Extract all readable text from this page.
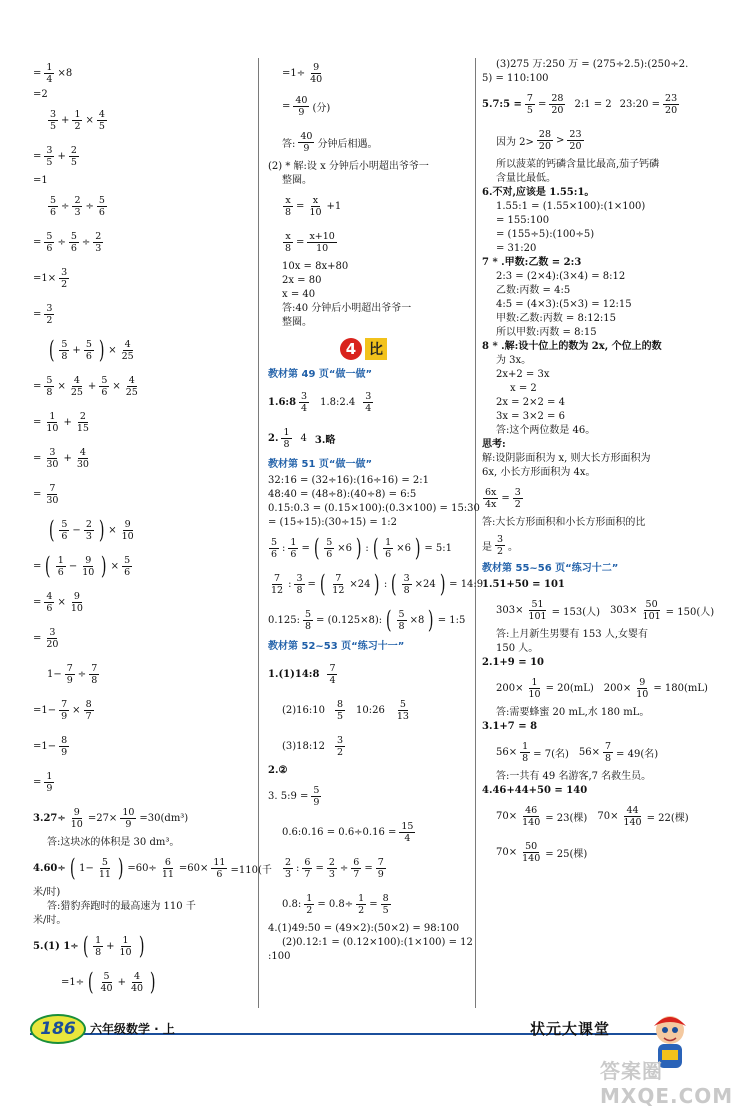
= $\frac{1}{4} \times 8$
=2
$\frac{3}{5} + \frac{1}{2} \times \frac{4}{5}$
= $\frac{3}{5} + \frac{2}{5}$
=1
$\frac{5}{6} \div \frac{2}{3} \div \frac{5}{6}$
= $\frac{5}{6} \div \frac{5}{6} \div \frac{2}{3}$
$=1\times \frac{3}{2}$
= $\frac{3}{2}$
( $\frac{5}{8} + \frac{5}{6}$ ) × $\frac{4}{25}$
= $\frac{5}{8} \times \frac{4}{25} + \frac{5}{6} \times \frac{4}{25}$
= $\frac{1}{10} + \frac{2}{15}$
= $\frac{3}{30} + \frac{4}{30}$
= $\frac{7}{30}$
( $\frac{5}{6} - \frac{2}{3}$ ) × $\frac{9}{10}$
= ( $\frac{1}{6} - \frac{9}{10}$ ) × $\frac{5}{6}$
= $\frac{4}{6} \times \frac{9}{10}$
= $\frac{3}{20}$
$1- \frac{7}{9} \div \frac{7}{8}$
$=1- \frac{7}{9} \times \frac{8}{7}$
$=1- \frac{8}{9}$
= $\frac{1}{9}$
$3.27\div \frac{9}{10} =27\times \frac{10}{9} =30(dm^3)$
答:这块冰的体积是 30 dm³。
4.60÷ ( $1- \frac{5}{11}$ ) $=60\div \frac{6}{11} =60\times \frac{11}{6} =110$(千
米/时)
答:猎豹奔跑时的最高速为 110 千
米/时。
5.(1) 1÷ ( $\frac{1}{8} + \frac{1}{10}$ )
=1÷ ( $\frac{5}{40} + \frac{4}{40}$ )
$=1\div \frac{9}{40}$
= $\frac{40}{9}$ (分)
答: $\frac{40}{9}$ 分钟后相遇。
(2) * 解:设 x 分钟后小明超出爷爷一
整圈。
$\frac{x}{8} = \frac{x}{10} +1$
$\frac{x}{8} = \frac{x+10}{10}$
10x = 8x+80
2x = 80
x = 40
答:40 分钟后小明超出爷爷一
整圈。
4 比
教材第 49 页“做一做”
1.6:8 $\frac{3}{4}$ 1.8:2.4 $\frac{3}{4}$
2. $\frac{1}{8} 4$ 3.略
教材第 51 页“做一做”
32:16 = (32÷16):(16÷16) = 2:1
48:40 = (48÷8):(40÷8) = 6:5
0.15:0.3 = (0.15×100):(0.3×100) = 15:30
= (15÷15):(30÷15) = 1:2
$\frac{5}{6}$ : $\frac{1}{6}$ = ( $\frac{5}{6} \times 6$ ) : ( $\frac{1}{6} \times 6$ ) = 5:1
$\frac{7}{12}$ : $\frac{3}{8}$ = ( $\frac{7}{12} \times 24$ ) : ( $\frac{3}{8} \times 24$ ) = 14:9
0.125: $\frac{5}{8} = (0.125\times 8)$: ( $\frac{5}{8} \times 8$ ) = 1:5
教材第 52~53 页“练习十一”
1.(1)14:8 $\frac{7}{4}$
(2)16:10 $\frac{8}{5}$ 10:26 $\frac{5}{13}$
(3)18:12 $\frac{3}{2}$
2.②
3. 5:9 = $\frac{5}{9}$
0.6:0.16 = $0.6\div 0.16 = \frac{15}{4}$
$\frac{2}{3}$ : $\frac{6}{7} = \frac{2}{3} \div \frac{6}{7} = \frac{7}{9}$
0.8: $\frac{1}{2} = 0.8\div \frac{1}{2} = \frac{8}{5}$
4.(1)49:50 = (49×2):(50×2) = 98:100
(2)0.12:1 = (0.12×100):(1×100) = 12
:100
(3)275 万:250 万 = (275÷2.5):(250÷2.
5) = 110:100
5.7:5 = $\frac{7}{5} = \frac{28}{20}$ 2:1 = 2 23:20 = $\frac{23}{20}$
因为 $2> \frac{28}{20} > \frac{23}{20}$
所以菠菜的钙磷含量比最高,茄子钙磷
含量比最低。
6.不对,应该是 1.55:1。
1.55:1 = (1.55×100):(1×100)
= 155:100
= (155÷5):(100÷5)
= 31:20
7 * .甲数:乙数 = 2:3
2:3 = (2×4):(3×4) = 8:12
乙数:丙数 = 4:5
4:5 = (4×3):(5×3) = 12:15
甲数:乙数:丙数 = 8:12:15
所以甲数:丙数 = 8:15
8 * .解:设十位上的数为 2x, 个位上的数
为 3x。
2x+2 = 3x
x = 2
2x = 2×2 = 4
3x = 3×2 = 6
答:这个两位数是 46。
思考:
解:设阴影面积为 x, 则大长方形面积为
6x, 小长方形面积为 4x。
$\frac{6x}{4x} = \frac{3}{2}$
答:大长方形面积和小长方形面积的比
是 $\frac{3}{2}$ 。
教材第 55~56 页“练习十二”
1.51+50 = 101
$303\times \frac{51}{101} = 153$(人) $303\times \frac{50}{101} = 150$(人)
答:上月新生男婴有 153 人,女婴有
150 人。
2.1+9 = 10
$200\times \frac{1}{10} = 20(mL)$ $200\times \frac{9}{10} = 180(mL)$
答:需要蜂蜜 20 mL,水 180 mL。
3.1+7 = 8
$56\times \frac{1}{8} = 7$(名) $56\times \frac{7}{8} = 49$(名)
答:一共有 49 名游客,7 名救生员。
4.46+44+50 = 140
$70\times \frac{46}{140} = 23$(棵) $70\times \frac{44}{140} = 22$(棵)
$70\times \frac{50}{140} = 25$(棵)
186	六年级数学 · 上	状元大课堂
答案圈 MXQE.COM
